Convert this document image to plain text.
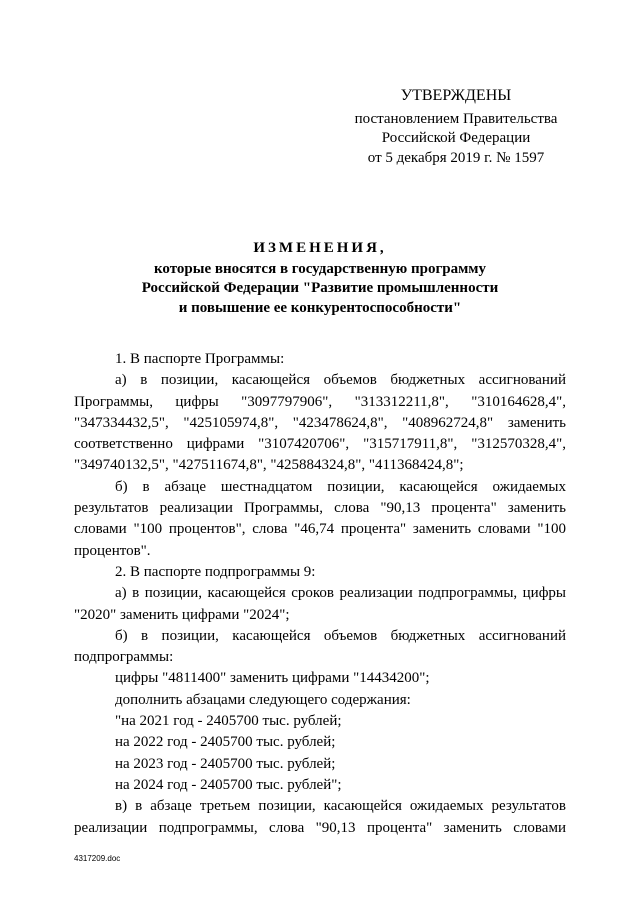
УТВЕРЖДЕНЫ
постановлением Правительства
Российской Федерации
от 5 декабря 2019 г. № 1597
ИЗМЕНЕНИЯ,
которые вносятся в государственную программу
Российской Федерации "Развитие промышленности
и повышение ее конкурентоспособности"
1. В паспорте Программы:
а) в позиции, касающейся объемов бюджетных ассигнований Программы, цифры "3097797906", "313312211,8", "310164628,4", "347334432,5", "425105974,8", "423478624,8", "408962724,8" заменить соответственно цифрами "3107420706", "315717911,8", "312570328,4", "349740132,5", "427511674,8", "425884324,8", "411368424,8";
б) в абзаце шестнадцатом позиции, касающейся ожидаемых результатов реализации Программы, слова "90,13 процента" заменить словами "100 процентов", слова "46,74 процента" заменить словами "100 процентов".
2. В паспорте подпрограммы 9:
а) в позиции, касающейся сроков реализации подпрограммы, цифры "2020" заменить цифрами "2024";
б) в позиции, касающейся объемов бюджетных ассигнований подпрограммы:
цифры "4811400" заменить цифрами "14434200";
дополнить абзацами следующего содержания:
"на 2021 год - 2405700 тыс. рублей;
на 2022 год - 2405700 тыс. рублей;
на 2023 год - 2405700 тыс. рублей;
на 2024 год - 2405700 тыс. рублей";
в) в абзаце третьем позиции, касающейся ожидаемых результатов реализации подпрограммы, слова "90,13 процента" заменить словами
4317209.doc
